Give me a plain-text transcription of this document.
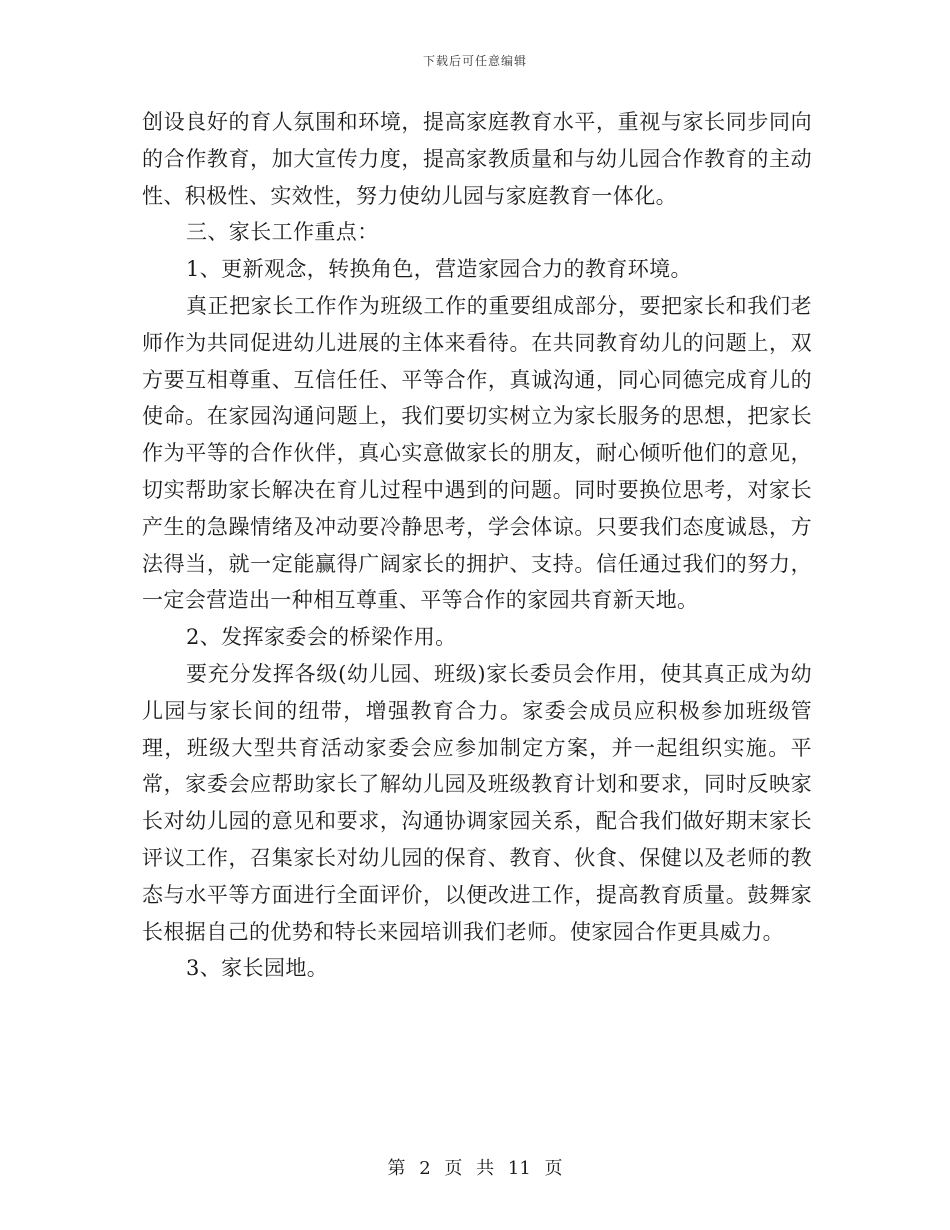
下载后可任意编辑

创设良好的育人氛围和环境，提高家庭教育水平，重视与家长同步同向的合作教育，加大宣传力度，提高家教质量和与幼儿园合作教育的主动性、积极性、实效性，努力使幼儿园与家庭教育一体化。

三、家长工作重点：

1、更新观念，转换角色，营造家园合力的教育环境。

真正把家长工作作为班级工作的重要组成部分，要把家长和我们老师作为共同促进幼儿进展的主体来看待。在共同教育幼儿的问题上，双方要互相尊重、互信任任、平等合作，真诚沟通，同心同德完成育儿的使命。在家园沟通问题上，我们要切实树立为家长服务的思想，把家长作为平等的合作伙伴，真心实意做家长的朋友，耐心倾听他们的意见，切实帮助家长解决在育儿过程中遇到的问题。同时要换位思考，对家长产生的急躁情绪及冲动要冷静思考，学会体谅。只要我们态度诚恳，方法得当，就一定能赢得广阔家长的拥护、支持。信任通过我们的努力，一定会营造出一种相互尊重、平等合作的家园共育新天地。

2、发挥家委会的桥梁作用。

要充分发挥各级(幼儿园、班级)家长委员会作用，使其真正成为幼儿园与家长间的纽带，增强教育合力。家委会成员应积极参加班级管理，班级大型共育活动家委会应参加制定方案，并一起组织实施。平常，家委会应帮助家长了解幼儿园及班级教育计划和要求，同时反映家长对幼儿园的意见和要求，沟通协调家园关系，配合我们做好期末家长评议工作，召集家长对幼儿园的保育、教育、伙食、保健以及老师的教态与水平等方面进行全面评价，以便改进工作，提高教育质量。鼓舞家长根据自己的优势和特长来园培训我们老师。使家园合作更具威力。

3、家长园地。

第 2 页 共 11 页
